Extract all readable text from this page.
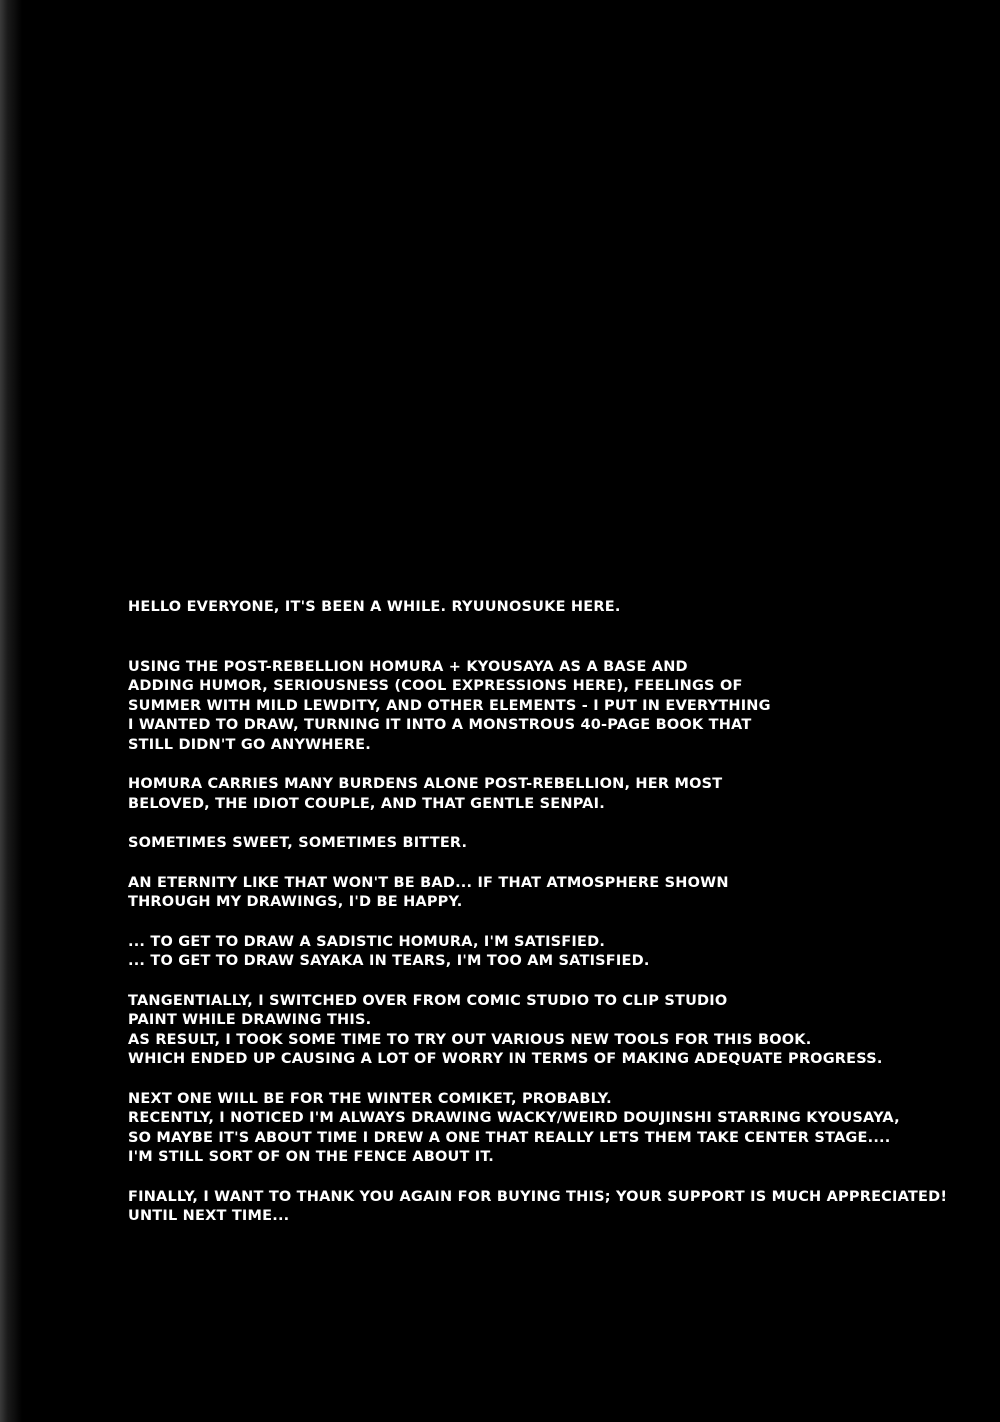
HELLO EVERYONE, IT'S BEEN A WHILE. RYUUNOSUKE HERE.

USING THE POST-REBELLION HOMURA + KYOUSAYA AS A BASE AND
ADDING HUMOR, SERIOUSNESS (COOL EXPRESSIONS HERE), FEELINGS OF
SUMMER WITH MILD LEWDITY, AND OTHER ELEMENTS - I PUT IN EVERYTHING
I WANTED TO DRAW, TURNING IT INTO A MONSTROUS 40-PAGE BOOK THAT
STILL DIDN'T GO ANYWHERE.

HOMURA CARRIES MANY BURDENS ALONE POST-REBELLION, HER MOST
BELOVED, THE IDIOT COUPLE, AND THAT GENTLE SENPAI.

SOMETIMES SWEET, SOMETIMES BITTER.

AN ETERNITY LIKE THAT WON'T BE BAD... IF THAT ATMOSPHERE SHOWN
THROUGH MY DRAWINGS, I'D BE HAPPY.

... TO GET TO DRAW A SADISTIC HOMURA, I'M SATISFIED.
... TO GET TO DRAW SAYAKA IN TEARS, I'M TOO AM SATISFIED.

TANGENTIALLY, I SWITCHED OVER FROM COMIC STUDIO TO CLIP STUDIO
PAINT WHILE DRAWING THIS.
AS RESULT, I TOOK SOME TIME TO TRY OUT VARIOUS NEW TOOLS FOR THIS BOOK.
WHICH ENDED UP CAUSING A LOT OF WORRY IN TERMS OF MAKING ADEQUATE PROGRESS.

NEXT ONE WILL BE FOR THE WINTER COMIKET, PROBABLY.
RECENTLY, I NOTICED I'M ALWAYS DRAWING WACKY/WEIRD DOUJINSHI STARRING KYOUSAYA,
SO MAYBE IT'S ABOUT TIME I DREW A ONE THAT REALLY LETS THEM TAKE CENTER STAGE....
I'M STILL SORT OF ON THE FENCE ABOUT IT.

FINALLY, I WANT TO THANK YOU AGAIN FOR BUYING THIS; YOUR SUPPORT IS MUCH APPRECIATED!
UNTIL NEXT TIME...
